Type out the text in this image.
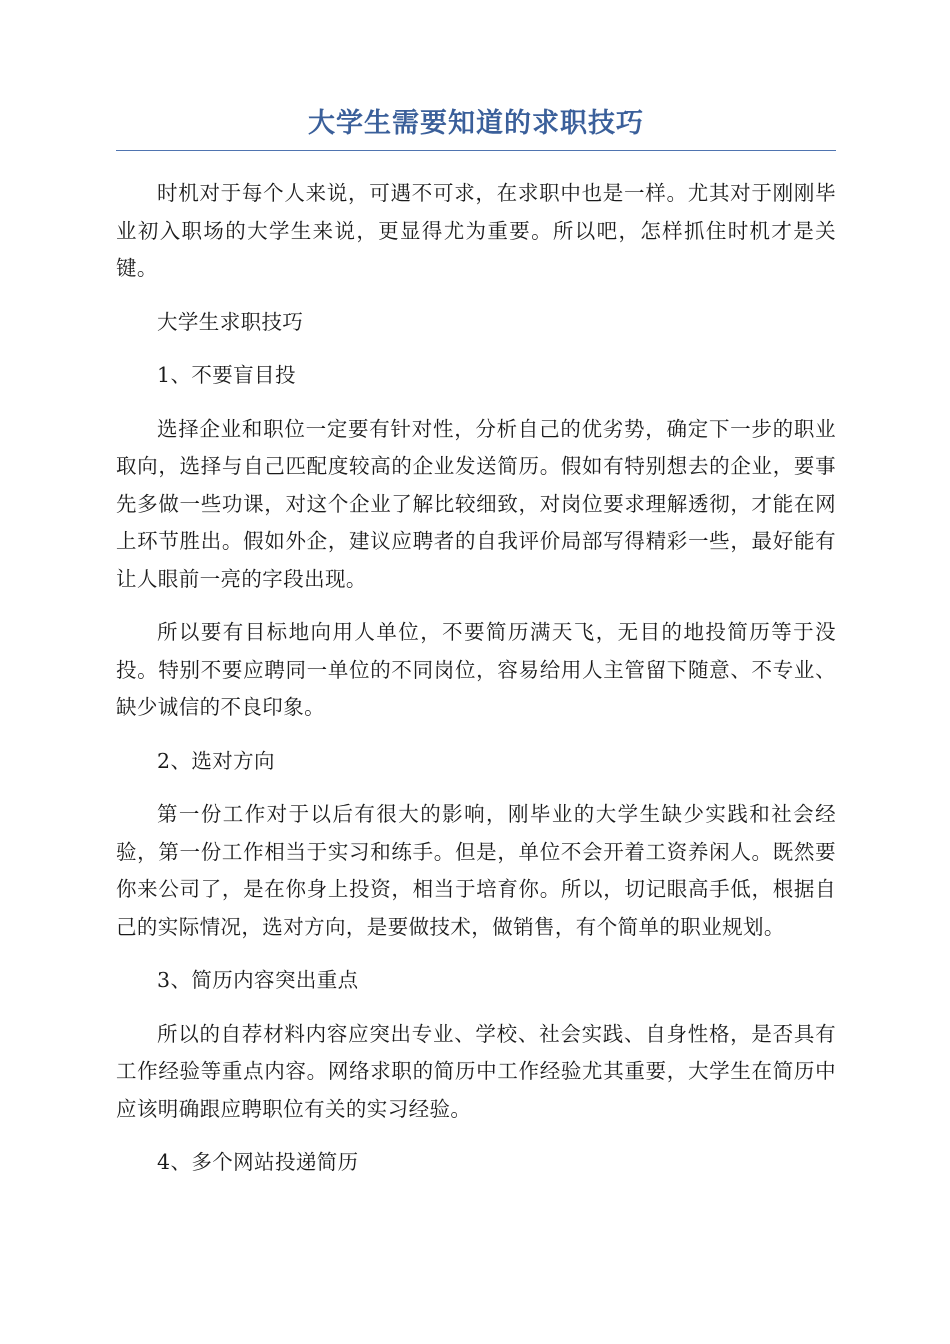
大学生需要知道的求职技巧

时机对于每个人来说，可遇不可求，在求职中也是一样。尤其对于刚刚毕业初入职场的大学生来说，更显得尤为重要。所以吧，怎样抓住时机才是关键。

大学生求职技巧

1、不要盲目投

选择企业和职位一定要有针对性，分析自己的优劣势，确定下一步的职业取向，选择与自己匹配度较高的企业发送简历。假如有特别想去的企业，要事先多做一些功课，对这个企业了解比较细致，对岗位要求理解透彻，才能在网上环节胜出。假如外企，建议应聘者的自我评价局部写得精彩一些，最好能有让人眼前一亮的字段出现。

所以要有目标地向用人单位，不要简历满天飞，无目的地投简历等于没投。特别不要应聘同一单位的不同岗位，容易给用人主管留下随意、不专业、缺少诚信的不良印象。

2、选对方向

第一份工作对于以后有很大的影响，刚毕业的大学生缺少实践和社会经验，第一份工作相当于实习和练手。但是，单位不会开着工资养闲人。既然要你来公司了，是在你身上投资，相当于培育你。所以，切记眼高手低，根据自己的实际情况，选对方向，是要做技术，做销售，有个简单的职业规划。

3、简历内容突出重点

所以的自荐材料内容应突出专业、学校、社会实践、自身性格，是否具有工作经验等重点内容。网络求职的简历中工作经验尤其重要，大学生在简历中应该明确跟应聘职位有关的实习经验。

4、多个网站投递简历
